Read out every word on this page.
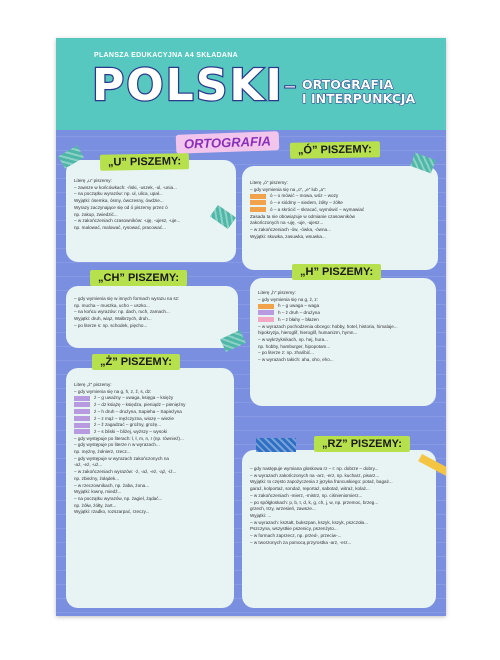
PLANSZA EDUKACYJNA A4 SKŁADANA
POLSKI – ORTOGRAFIA
I INTERPUNKCJA
ORTOGRAFIA
Literę „u” piszemy:
– zawsze w końcówkach: -ński, -uszek, -ul, -unia...
– na początku wyrazów: np. ul, ulica, upał...
Wyjątki: ósemka, ósmy, ówczesny, ówdzie...
Wyrazy zaczynające się od ó piszemy przez ó
np. zakup, zwiedzić...
– w zakończeniach czasowników: -uję, -ujesz, -uje...
np. malować, malować, rysować, pracować...
„U” PISZEMY:
Literę „ó” piszemy:
– gdy wymienia się na „o”, „e” lub „a”:
ó – o mówić – mowa, wóz – wozy
ó – e siódmy – siedem, żółty – żółte
ó – a skrócić – skracać, wymówić – wymawiać
Zasada ta nie obowiązuje w odmianie czasowników
zakończonych na -uję, -uje, -ujesz...
– w zakończeniach -ów, -ówka, -ówna...
Wyjątki: skuwka, zasuwka, wsuwka...
„Ó” PISZEMY:
– gdy wymienia się w innych formach wyrazu na sz:
np. mucha – muszka, ucho – uszko...
– na końcu wyrazów: np. dach, ruch, zamach...
Wyjątki: druh, wiąz, Wałbrzych, druh...
– po literze s: np. schodek, pięcho...
„CH” PISZEMY:
Literę „h” piszemy:
– gdy wymienia się na g, ż, z:
h – g uwaga – waga
h – ż druh – drużyna
h – z błahy – błazen
– w wyrazach pochodzenia obcego: hobby, hotel, historia, himalaje...
hipokryzja, hieroglif, hieroglif, humanizm, hymn...
– w wykrzyknikach, np. hej, hura...
np. hobby, hamburger, hipopotam...
– po literze z: np. zhańbić...
– w wyrazach takich: aha, oho, eho...
„H” PISZEMY:
Literę „ż” piszemy:
– gdy wymienia się na g, h, z, ź, s, dz:
ż – g uważny – uwaga, księga – księży
ż – dz książę – księdza, pieniądz – pieniężny
ż – h druh – drużyna, Sapieha – Sapieżyna
ż – z mąż – mężczyzna, wiozę – wiezie
ż – ź zagadzać – groźny, grożę...
ż – s bliski – bliżej, wyższy – wysoki
– gdy występuje po literach: l, ł, m, n, r (np. również)...
– gdy występuje po literze n w wyrazach...
np. mężny, żołnierz, rzecz...
– gdy występuje w wyrazach zakończonych na
-aż, -eż, -uż...
– w zakończeniach wyrazów: -ż, -aż, -eż, -ąż, -iż...
np. zbieżny, żołądek...
– w rzeczownikach, np. żaba, żona...
Wyjątki: łowny, miedź...
– na początku wyrazów, np. żagiel, żądać...
np. żółw, żółty, żart...
Wyjątki: rzadko, rozszarpać, rzeczy...
„Ż” PISZEMY:
– gdy następuje wymiana głoskowa rz – r: np. dobrze – dobry...
– w wyrazach zakończonych na -arz, -erz, np. kucharz, pisarz...
Wyjątki: to często zapożyczenia z języka francuskiego: potaż, bagaż...
garaż, kolportaż, sondaż, reportaż, sabotaż, witraż, kolaż...
– w zakończeniach -mierz, -mistrz, np. ciśnieniomierz...
– po spółgłoskach: p, b, t, d, k, g, ch, j, w, np. przemoc, brzeg...
grzech, trzy, wrzesień, zawsze...
Wyjątki: ...
– w wyrazach: kształt, bukszpan, kszyk, kszyk, pszczoła...
Pszczyna, wszystkie pszenicy, pszenżyto...
– w formach zaprzecz, np. przed-, przeciw-...
– w tworzonych za pomocą przyrostka -arz, -erz...
„RZ” PISZEMY:
